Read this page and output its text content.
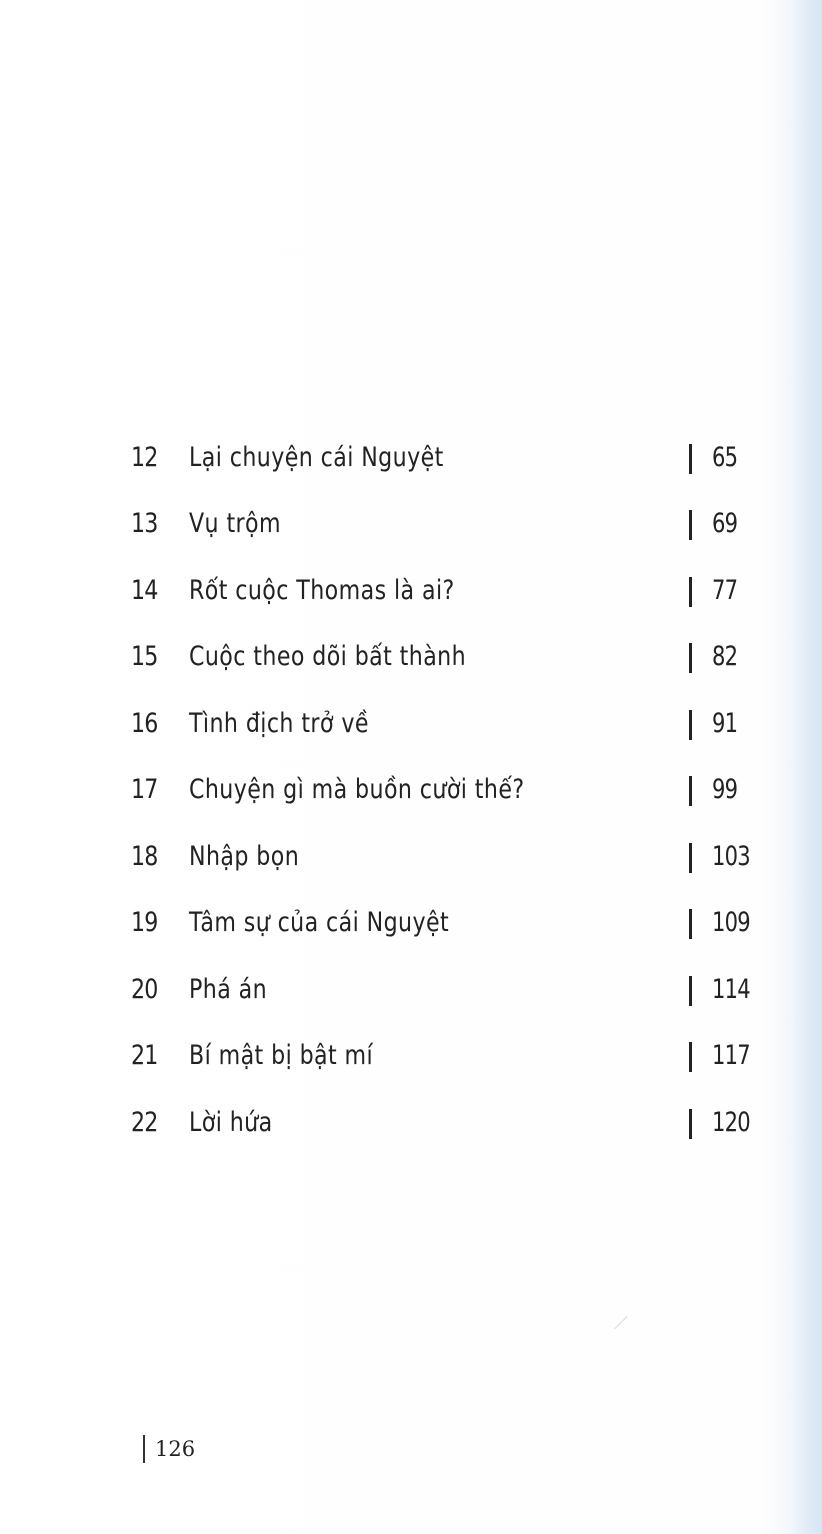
12	Lại chuyện cái Nguyệt	65
13	Vụ trộm	69
14	Rốt cuộc Thomas là ai?	77
15	Cuộc theo dõi bất thành	82
16	Tình địch trở về	91
17	Chuyện gì mà buồn cười thế?	99
18	Nhập bọn	103
19	Tâm sự của cái Nguyệt	109
20	Phá án	114
21	Bí mật bị bật mí	117
22	Lời hứa	120
126
